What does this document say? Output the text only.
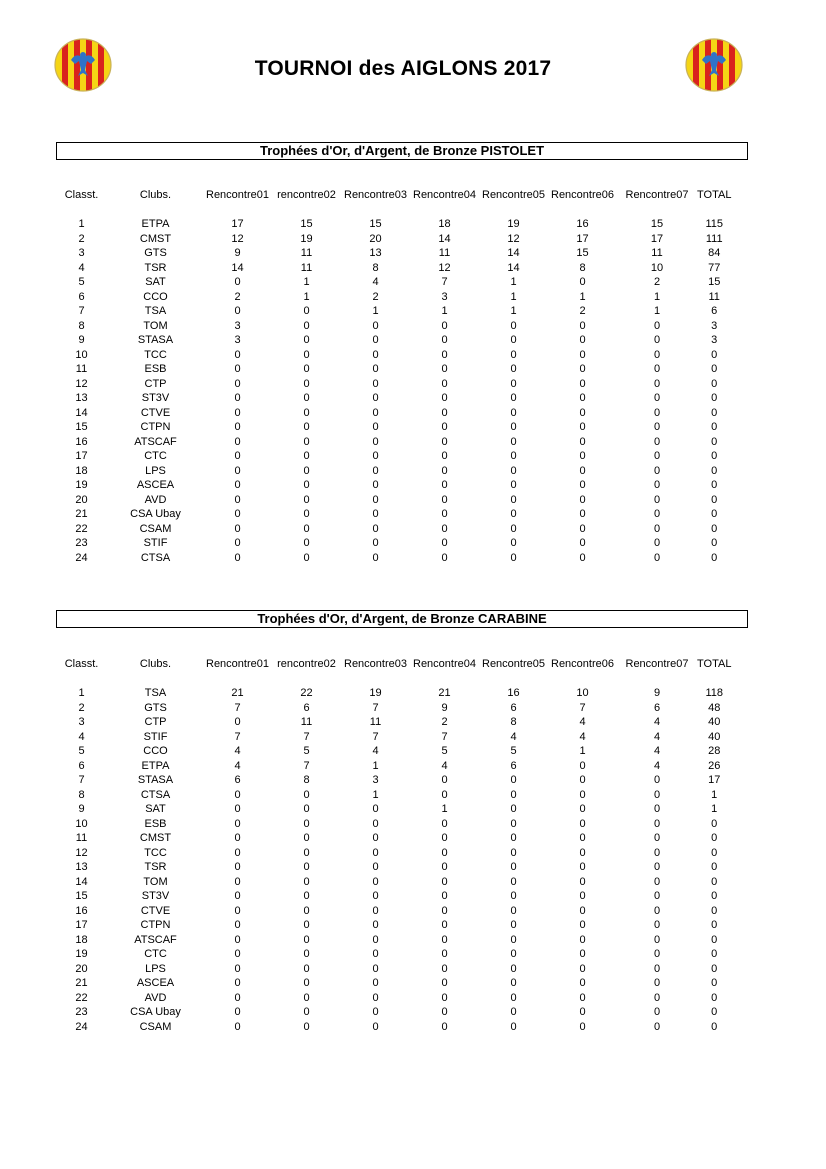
TOURNOI des AIGLONS 2017
Trophées d'Or, d'Argent, de Bronze PISTOLET
	Classt.	Clubs.	Rencontre01	rencontre02	Rencontre03	Rencontre04	Rencontre05	Rencontre06	Rencontre07	TOTAL

	1	ETPA	17	15	15	18	19	16	15	115
	2	CMST	12	19	20	14	12	17	17	111
	3	GTS	9	11	13	11	14	15	11	84
	4	TSR	14	11	8	12	14	8	10	77
	5	SAT	0	1	4	7	1	0	2	15
	6	CCO	2	1	2	3	1	1	1	11
	7	TSA	0	0	1	1	1	2	1	6
	8	TOM	3	0	0	0	0	0	0	3
	9	STASA	3	0	0	0	0	0	0	3
	10	TCC	0	0	0	0	0	0	0	0
	11	ESB	0	0	0	0	0	0	0	0
	12	CTP	0	0	0	0	0	0	0	0
	13	ST3V	0	0	0	0	0	0	0	0
	14	CTVE	0	0	0	0	0	0	0	0
	15	CTPN	0	0	0	0	0	0	0	0
	16	ATSCAF	0	0	0	0	0	0	0	0
	17	CTC	0	0	0	0	0	0	0	0
	18	LPS	0	0	0	0	0	0	0	0
	19	ASCEA	0	0	0	0	0	0	0	0
	20	AVD	0	0	0	0	0	0	0	0
	21	CSA Ubay	0	0	0	0	0	0	0	0
	22	CSAM	0	0	0	0	0	0	0	0
	23	STIF	0	0	0	0	0	0	0	0
	24	CTSA	0	0	0	0	0	0	0	0
Trophées d'Or, d'Argent, de Bronze CARABINE
	Classt.	Clubs.	Rencontre01	rencontre02	Rencontre03	Rencontre04	Rencontre05	Rencontre06	Rencontre07	TOTAL

	1	TSA	21	22	19	21	16	10	9	118
	2	GTS	7	6	7	9	6	7	6	48
	3	CTP	0	11	11	2	8	4	4	40
	4	STIF	7	7	7	7	4	4	4	40
	5	CCO	4	5	4	5	5	1	4	28
	6	ETPA	4	7	1	4	6	0	4	26
	7	STASA	6	8	3	0	0	0	0	17
	8	CTSA	0	0	1	0	0	0	0	1
	9	SAT	0	0	0	1	0	0	0	1
	10	ESB	0	0	0	0	0	0	0	0
	11	CMST	0	0	0	0	0	0	0	0
	12	TCC	0	0	0	0	0	0	0	0
	13	TSR	0	0	0	0	0	0	0	0
	14	TOM	0	0	0	0	0	0	0	0
	15	ST3V	0	0	0	0	0	0	0	0
	16	CTVE	0	0	0	0	0	0	0	0
	17	CTPN	0	0	0	0	0	0	0	0
	18	ATSCAF	0	0	0	0	0	0	0	0
	19	CTC	0	0	0	0	0	0	0	0
	20	LPS	0	0	0	0	0	0	0	0
	21	ASCEA	0	0	0	0	0	0	0	0
	22	AVD	0	0	0	0	0	0	0	0
	23	CSA Ubay	0	0	0	0	0	0	0	0
	24	CSAM	0	0	0	0	0	0	0	0
